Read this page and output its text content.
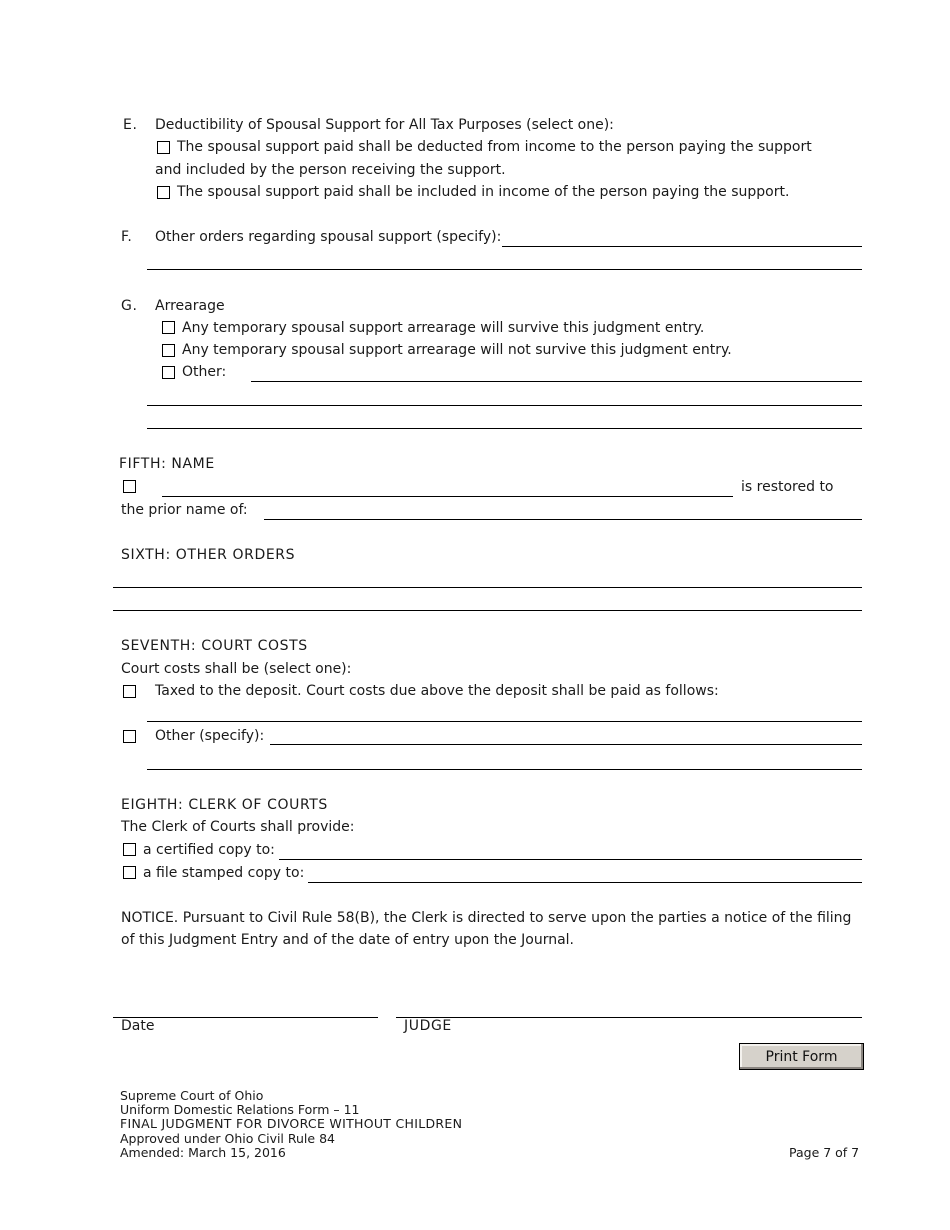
E. Deductibility of Spousal Support for All Tax Purposes (select one):
The spousal support paid shall be deducted from income to the person paying the support
and included by the person receiving the support.
The spousal support paid shall be included in income of the person paying the support.
F. Other orders regarding spousal support (specify):
G. Arrearage
Any temporary spousal support arrearage will survive this judgment entry.
Any temporary spousal support arrearage will not survive this judgment entry.
Other:
FIFTH: NAME
is restored to
the prior name of:
SIXTH: OTHER ORDERS
SEVENTH: COURT COSTS
Court costs shall be (select one):
Taxed to the deposit. Court costs due above the deposit shall be paid as follows:
Other (specify):
EIGHTH: CLERK OF COURTS
The Clerk of Courts shall provide:
a certified copy to:
a file stamped copy to:
NOTICE. Pursuant to Civil Rule 58(B), the Clerk is directed to serve upon the parties a notice of the filing
of this Judgment Entry and of the date of entry upon the Journal.
Date	JUDGE
Print Form
Supreme Court of Ohio
Uniform Domestic Relations Form – 11
FINAL JUDGMENT FOR DIVORCE WITHOUT CHILDREN
Approved under Ohio Civil Rule 84
Amended: March 15, 2016	Page 7 of 7
